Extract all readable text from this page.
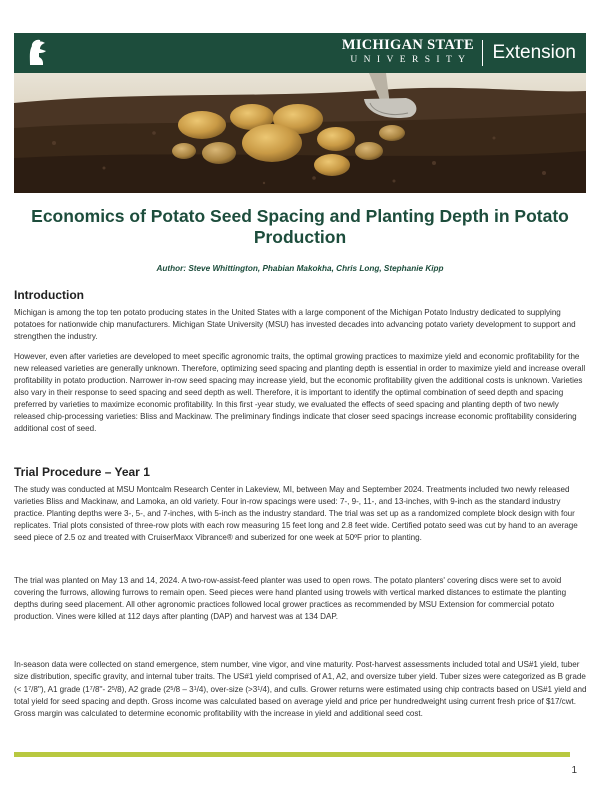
MICHIGAN STATE
UNIVERSITY	Extension
Economics of Potato Seed Spacing and Planting Depth in Potato Production
Author: Steve Whittington, Phabian Makokha, Chris Long, Stephanie Kipp
Introduction

Michigan is among the top ten potato producing states in the United States with a large component of the Michigan Potato Industry dedicated to supplying potatoes for nationwide chip manufacturers. Michigan State University (MSU) has invested decades into advancing potato variety development to support and strengthen the industry.

However, even after varieties are developed to meet specific agronomic traits, the optimal growing practices to maximize yield and economic profitability for the new released varieties are generally unknown. Therefore, optimizing seed spacing and planting depth is essential in order to maximize yield and increase overall profitability in potato production. Narrower in-row seed spacing may increase yield, but the economic profitability given the additional costs is unknown. Varieties also vary in their response to seed spacing and seed depth as well. Therefore, it is important to identify the optimal combination of seed depth and spacing preferred by varieties to maximize economic profitability. In this first -year study, we evaluated the effects of seed spacing and planting depth of two newly released chip-processing varieties: Bliss and Mackinaw. The preliminary findings indicate that closer seed spacings increase economic profitability considering additional cost of seed.

Trial Procedure – Year 1

The study was conducted at MSU Montcalm Research Center in Lakeview, MI, between May and September 2024. Treatments included two newly released varieties Bliss and Mackinaw, and Lamoka, an old variety. Four in-row spacings were used: 7-, 9-, 11-, and 13-inches, with 9-inch as the standard industry practice. Planting depths were 3-, 5-, and 7-inches, with 5-inch as the industry standard. The trial was set up as a randomized complete block design with four replicates. Trial plots consisted of three-row plots with each row measuring 15 feet long and 2.8 feet wide. Certified potato seed was cut by hand to an average seed piece of 2.5 oz and treated with CruiserMaxx Vibrance® and suberized for one week at 50ºF prior to planting.

The trial was planted on May 13 and 14, 2024. A two-row-assist-feed planter was used to open rows. The potato planters' covering discs were set to avoid covering the furrows, allowing furrows to remain open. Seed pieces were hand planted using trowels with vertical marked distances to estimate the planting depths during seed placement. All other agronomic practices followed local grower practices as recommended by MSU Extension for commercial potato production. Vines were killed at 112 days after planting (DAP) and harvest was at 134 DAP.

In-season data were collected on stand emergence, stem number, vine vigor, and vine maturity. Post-harvest assessments included total and US#1 yield, tuber size distribution, specific gravity, and internal tuber traits. The US#1 yield comprised of A1, A2, and oversize tuber yield. Tuber sizes were categorized as B grade (< $1^7/8''$), A1 grade ($1^7/8''-$ $2^5/8$), A2 grade $(2^5/8 - 3^1/4)$, over-size $(>3^1/4)$, and culls. Grower returns were estimated using chip contracts based on US#1 yield and total yield for seed spacing and depth. Gross income was calculated based on average yield and price per hundredweight using current fresh price of $17/cwt. Gross margin was calculated to determine economic profitability with the increase in yield and additional seed cost.

1
